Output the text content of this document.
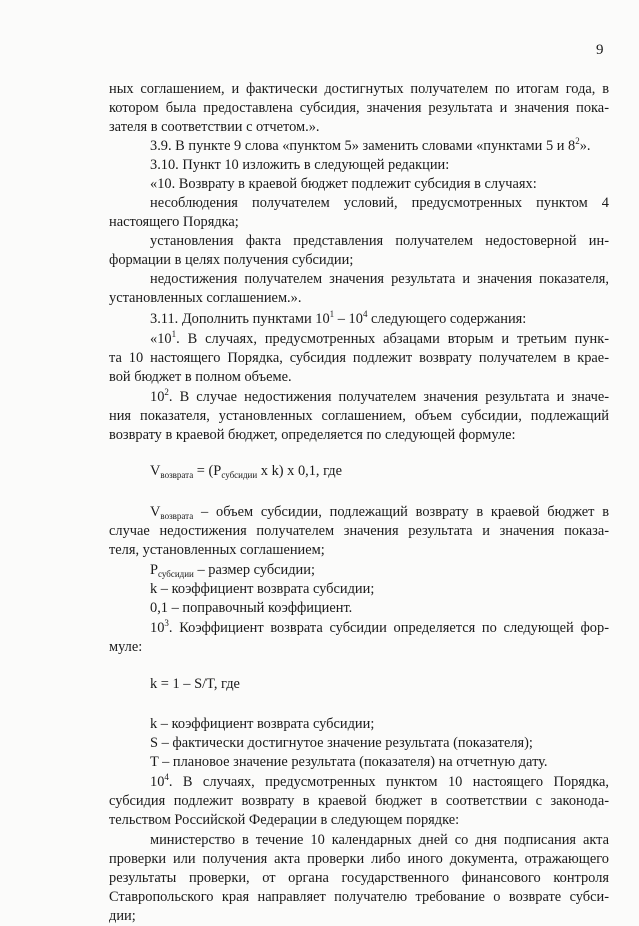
9
ных соглашением, и фактически достигнутых получателем по итогам года, в
котором была предоставлена субсидия, значения результата и значения пока-
зателя в соответствии с отчетом.».
3.9. В пункте 9 слова «пунктом 5» заменить словами «пунктами 5 и $8^2$».
3.10. Пункт 10 изложить в следующей редакции:
«10. Возврату в краевой бюджет подлежит субсидия в случаях:
несоблюдения получателем условий, предусмотренных пунктом 4
настоящего Порядка;
установления факта представления получателем недостоверной ин-
формации в целях получения субсидии;
недостижения получателем значения результата и значения показателя,
установленных соглашением.».
3.11. Дополнить пунктами $10^1 - 10^4$ следующего содержания:
«$10^1$. В случаях, предусмотренных абзацами вторым и третьим пунк-
та 10 настоящего Порядка, субсидия подлежит возврату получателем в крае-
вой бюджет в полном объеме.
$10^2$. В случае недостижения получателем значения результата и значе-
ния показателя, установленных соглашением, объем субсидии, подлежащий
возврату в краевой бюджет, определяется по следующей формуле:
$V_{возврата} = (P_{субсидии}$ х k) х 0,1, где
$V_{возврата}$ – объем субсидии, подлежащий возврату в краевой бюджет в
случае недостижения получателем значения результата и значения показа-
теля, установленных соглашением;
$P_{субсидии}$ – размер субсидии;
k – коэффициент возврата субсидии;
0,1 – поправочный коэффициент.
$10^3$. Коэффициент возврата субсидии определяется по следующей фор-
муле:
k = 1 – S/T, где
k – коэффициент возврата субсидии;
S – фактически достигнутое значение результата (показателя);
T – плановое значение результата (показателя) на отчетную дату.
$10^4$. В случаях, предусмотренных пунктом 10 настоящего Порядка,
субсидия подлежит возврату в краевой бюджет в соответствии с законода-
тельством Российской Федерации в следующем порядке:
министерство в течение 10 календарных дней со дня подписания акта
проверки или получения акта проверки либо иного документа, отражающего
результаты проверки, от органа государственного финансового контроля
Ставропольского края направляет получателю требование о возврате субси-
дии;
